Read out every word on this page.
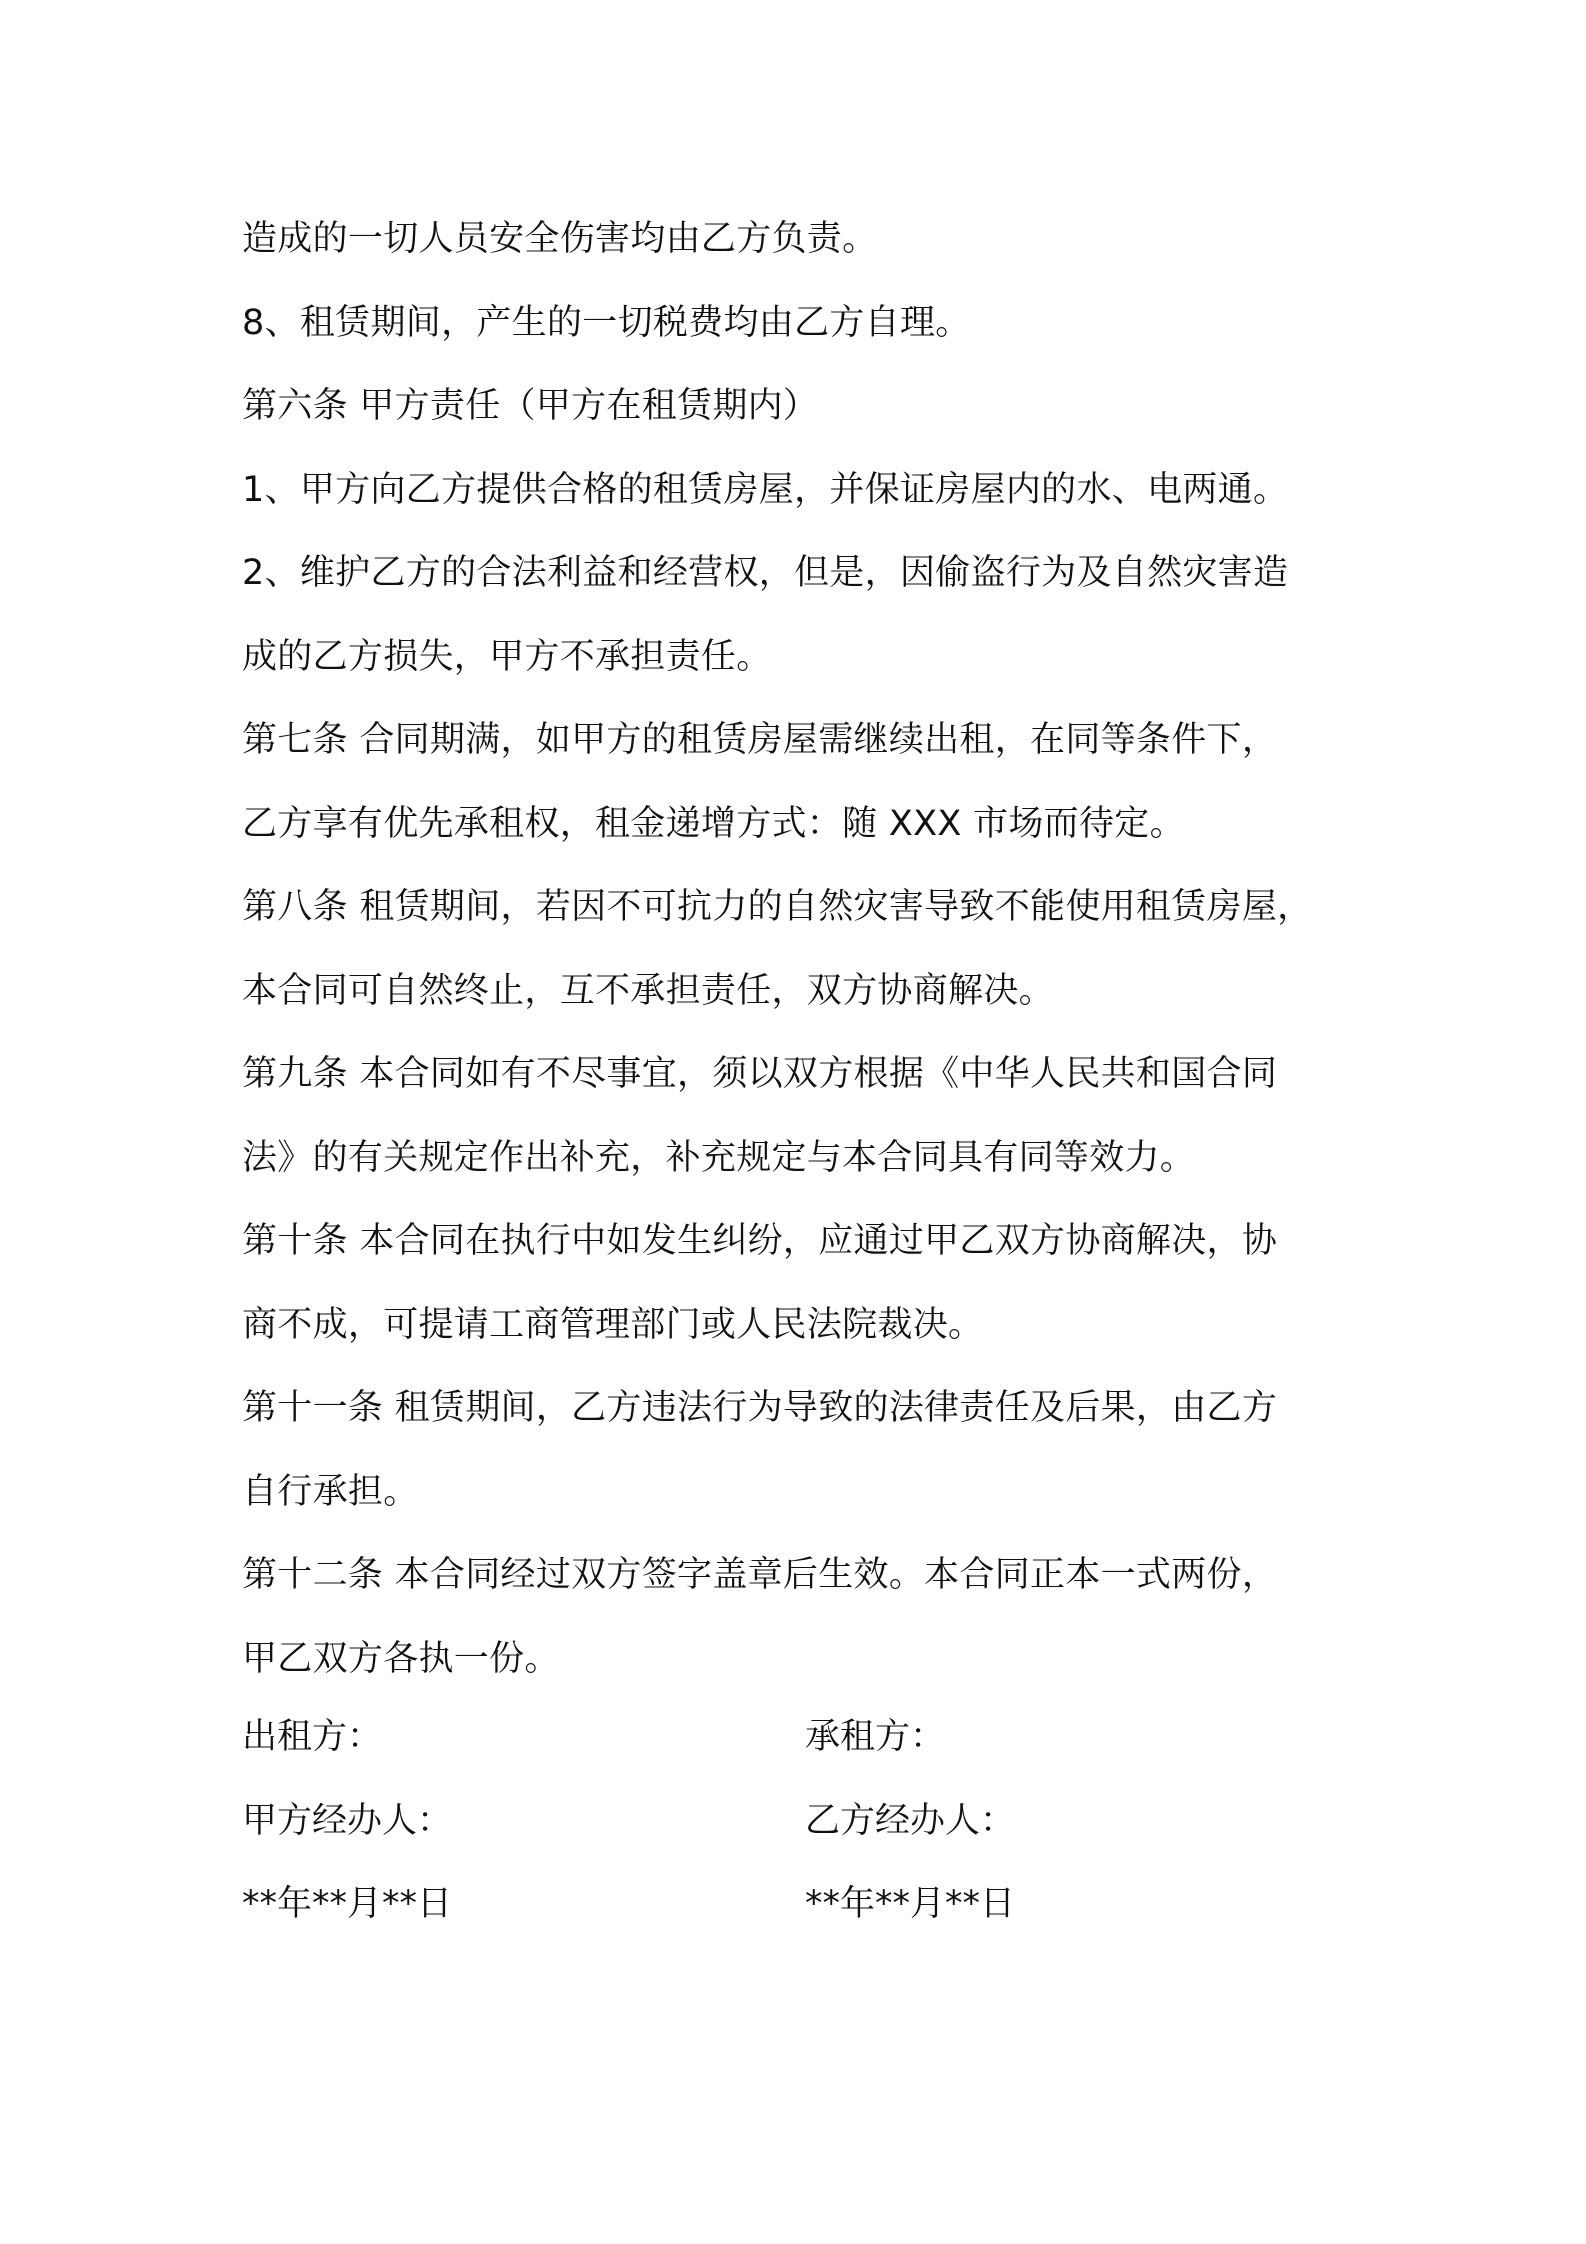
造成的一切人员安全伤害均由乙方负责。
8、租赁期间，产生的一切税费均由乙方自理。
第六条 甲方责任（甲方在租赁期内）
1、甲方向乙方提供合格的租赁房屋，并保证房屋内的水、电两通。
2、维护乙方的合法利益和经营权，但是，因偷盗行为及自然灾害造
成的乙方损失，甲方不承担责任。
第七条 合同期满，如甲方的租赁房屋需继续出租，在同等条件下，
乙方享有优先承租权，租金递增方式：随 XXX 市场而待定。
第八条 租赁期间，若因不可抗力的自然灾害导致不能使用租赁房屋，
本合同可自然终止，互不承担责任，双方协商解决。
第九条 本合同如有不尽事宜，须以双方根据《中华人民共和国合同
法》的有关规定作出补充，补充规定与本合同具有同等效力。
第十条 本合同在执行中如发生纠纷，应通过甲乙双方协商解决，协
商不成，可提请工商管理部门或人民法院裁决。
第十一条 租赁期间，乙方违法行为导致的法律责任及后果，由乙方
自行承担。
第十二条 本合同经过双方签字盖章后生效。本合同正本一式两份，
甲乙双方各执一份。
出租方：	承租方：
甲方经办人：	乙方经办人：
**年**月**日	**年**月**日
